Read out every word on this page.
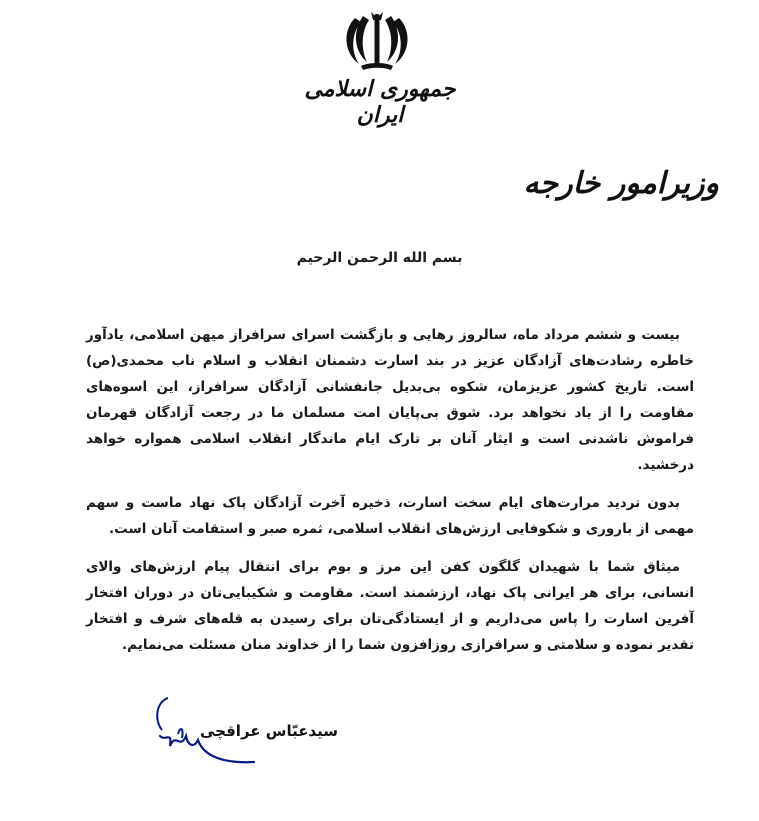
جمهوری اسلامی ایران
وزیرامور خارجه
بسم الله الرحمن الرحیم

بیست و ششم مرداد ماه، سالروز رهایی و بازگشت اسرای سرافراز میهن اسلامی، یادآور خاطره رشادت‌های آزادگان عزیز در بند اسارت دشمنان انقلاب و اسلام ناب محمدی(ص) است. تاریخ کشور عزیزمان، شکوه بی‌بدیل جانفشانی آزادگان سرافراز، این اسوه‌های مقاومت را از یاد نخواهد برد. شوق بی‌پایان امت مسلمان ما در رجعت آزادگان قهرمان فراموش ناشدنی است و ایثار آنان بر تارک ایام ماندگار انقلاب اسلامی همواره خواهد درخشید.

بدون تردید مرارت‌های ایام سخت اسارت، ذخیره آخرت آزادگان پاک نهاد ماست و سهم مهمی از باروری و شکوفایی ارزش‌های انقلاب اسلامی، ثمره صبر و استقامت آنان است.

میثاق شما با شهیدان گلگون کفن این مرز و بوم برای انتقال پیام ارزش‌های والای انسانی، برای هر ایرانی پاک نهاد، ارزشمند است. مقاومت و شکیبایی‌تان در دوران افتخار آفرین اسارت را پاس می‌داریم و از ایستادگی‌تان برای رسیدن به قله‌های شرف و افتخار تقدیر نموده و سلامتی و سرافرازی روزافزون شما را از خداوند منان مسئلت می‌نمایم.

سیدعبّاس عراقچی
